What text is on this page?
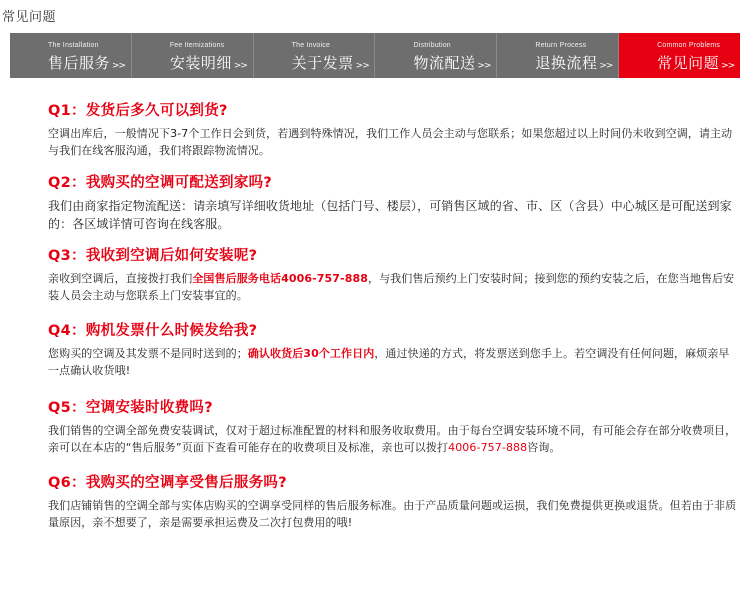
常见问题
The Installation
售后服务 >>
Fee Itemizations
安装明细 >>
The Invoice
关于发票 >>
Distribution
物流配送 >>
Return Process
退换流程 >>
Common Problems
常见问题 >>
Q1：发货后多久可以到货?
空调出库后，一般情况下3-7个工作日会到货，若遇到特殊情况，我们工作人员会主动与您联系；如果您超过以上时间仍未收到空调，请主动与我们在线客服沟通，我们将跟踪物流情况。
Q2：我购买的空调可配送到家吗?
我们由商家指定物流配送：请亲填写详细收货地址（包括门号、楼层），可销售区域的省、市、区（含县）中心城区是可配送到家的：各区域详情可咨询在线客服。
Q3：我收到空调后如何安装呢?
亲收到空调后，直接拨打我们全国售后服务电话4006-757-888，与我们售后预约上门安装时间；接到您的预约安装之后，在您当地售后安装人员会主动与您联系上门安装事宜的。
Q4：购机发票什么时候发给我?
您购买的空调及其发票不是同时送到的；确认收货后30个工作日内，通过快递的方式，将发票送到您手上。若空调没有任何问题，麻烦亲早一点确认收货哦!
Q5：空调安装时收费吗?
我们销售的空调全部免费安装调试，仅对于超过标准配置的材料和服务收取费用。由于每台空调安装环境不同，有可能会存在部分收费项目，亲可以在本店的“售后服务”页面下查看可能存在的收费项目及标准，亲也可以拨打4006-757-888咨询。
Q6：我购买的空调享受售后服务吗?
我们店铺销售的空调全部与实体店购买的空调享受同样的售后服务标准。由于产品质量问题或运损，我们免费提供更换或退货。但若由于非质量原因，亲不想要了，亲是需要承担运费及二次打包费用的哦!
